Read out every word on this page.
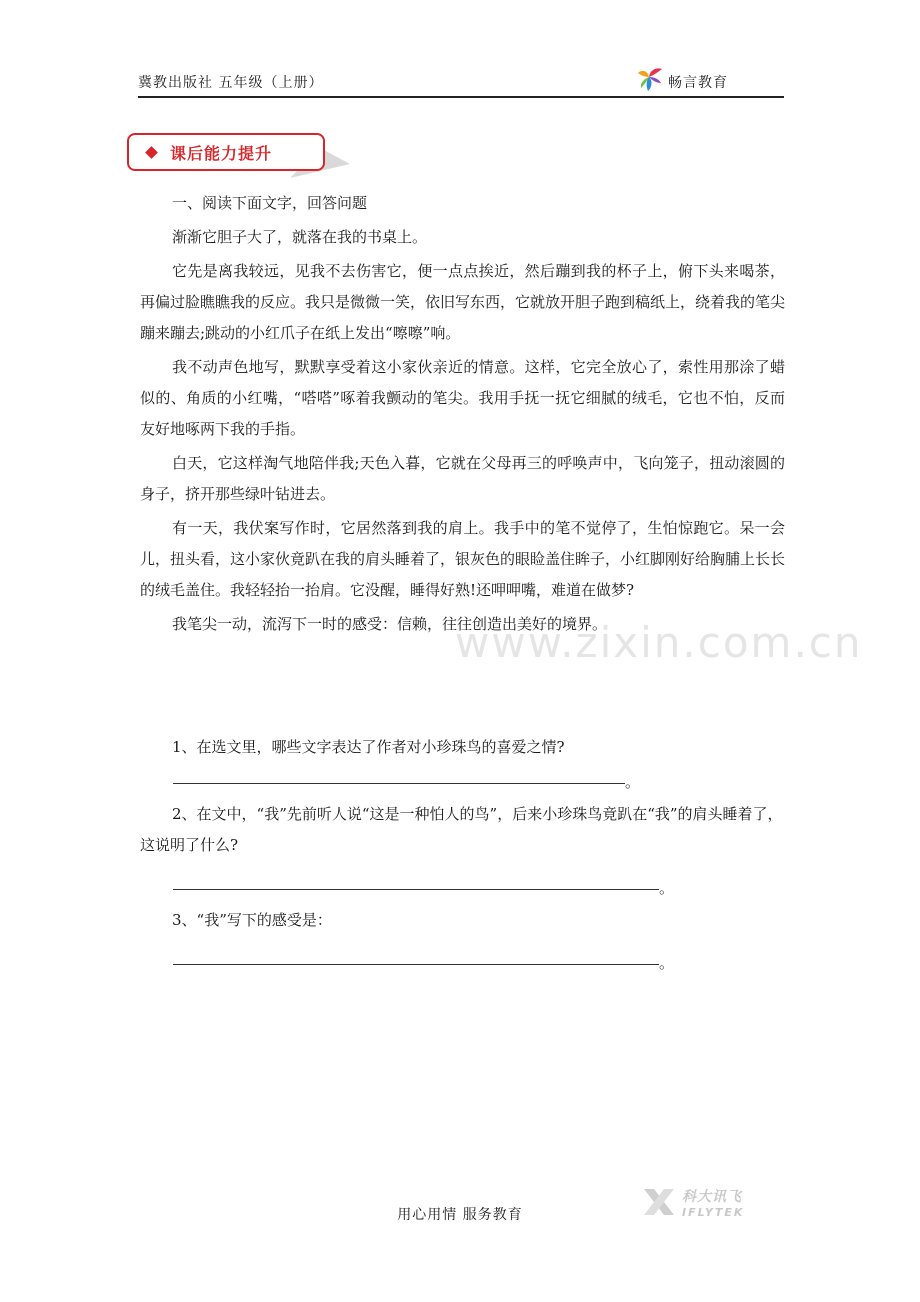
冀教出版社 五年级（上册）	畅言教育
课后能力提升

一、阅读下面文字，回答问题

渐渐它胆子大了，就落在我的书桌上。

它先是离我较远，见我不去伤害它，便一点点挨近，然后蹦到我的杯子上，俯下头来喝茶，再偏过脸瞧瞧我的反应。我只是微微一笑，依旧写东西，它就放开胆子跑到稿纸上，绕着我的笔尖蹦来蹦去;跳动的小红爪子在纸上发出“嚓嚓”响。

我不动声色地写，默默享受着这小家伙亲近的情意。这样，它完全放心了，索性用那涂了蜡似的、角质的小红嘴，“嗒嗒”啄着我颤动的笔尖。我用手抚一抚它细腻的绒毛，它也不怕，反而友好地啄两下我的手指。

白天，它这样淘气地陪伴我;天色入暮，它就在父母再三的呼唤声中，飞向笼子，扭动滚圆的身子，挤开那些绿叶钻进去。

有一天，我伏案写作时，它居然落到我的肩上。我手中的笔不觉停了，生怕惊跑它。呆一会儿，扭头看，这小家伙竟趴在我的肩头睡着了，银灰色的眼睑盖住眸子，小红脚刚好给胸脯上长长的绒毛盖住。我轻轻抬一抬肩。它没醒，睡得好熟!还呷呷嘴，难道在做梦?

我笔尖一动，流泻下一时的感受：信赖，往往创造出美好的境界。

www.zixin.com.cn

1、在选文里，哪些文字表达了作者对小珍珠鸟的喜爱之情?

。

2、在文中，“我”先前听人说“这是一种怕人的鸟”，后来小珍珠鸟竟趴在“我”的肩头睡着了，这说明了什么?

。

3、“我”写下的感受是：

。
用心用情 服务教育
科大讯飞
IFLYTEK
